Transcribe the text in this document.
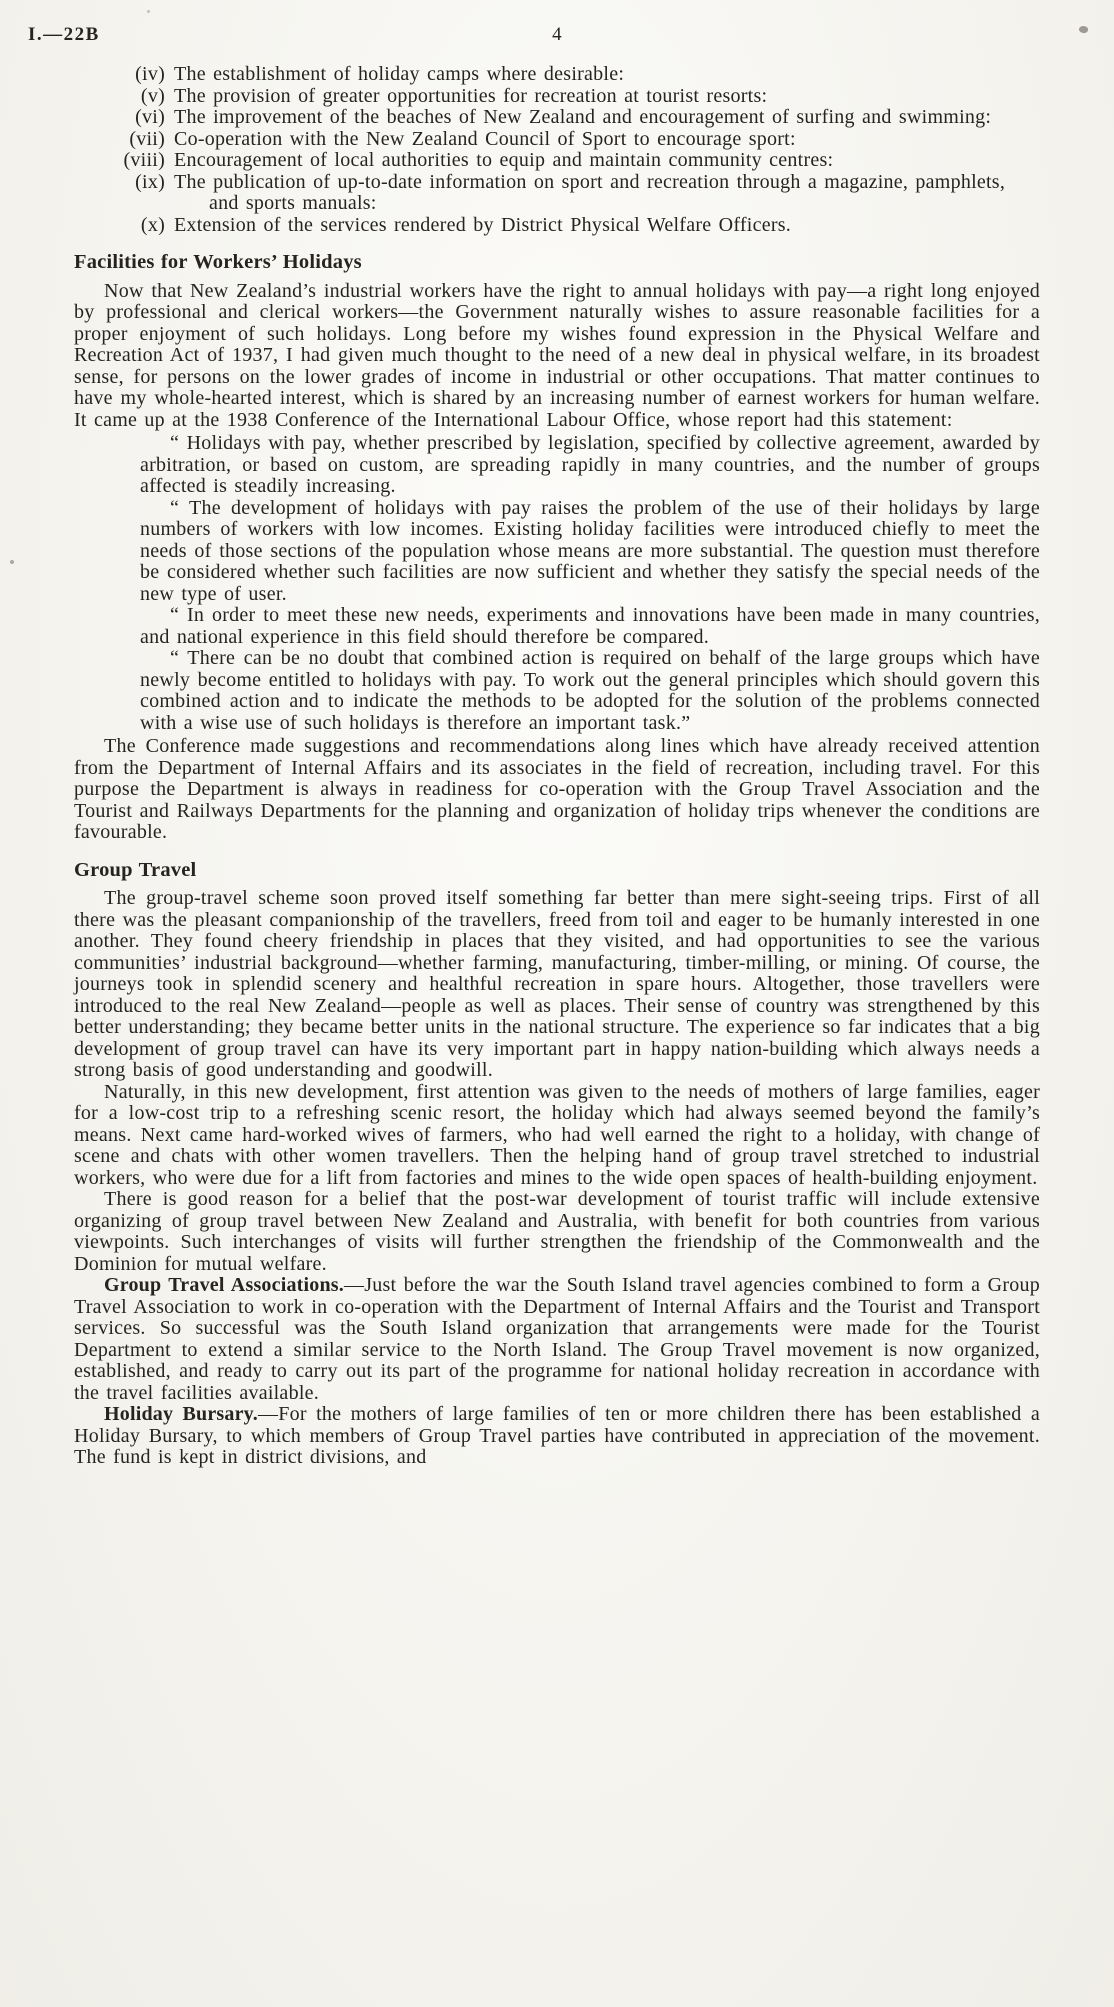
I.—22B	4
(iv) The establishment of holiday camps where desirable:
(v) The provision of greater opportunities for recreation at tourist resorts:
(vi) The improvement of the beaches of New Zealand and encouragement of surfing and swimming:
(vii) Co-operation with the New Zealand Council of Sport to encourage sport:
(viii) Encouragement of local authorities to equip and maintain community centres:
(ix) The publication of up-to-date information on sport and recreation through a magazine, pamphlets, and sports manuals:
(x) Extension of the services rendered by District Physical Welfare Officers.
Facilities for Workers’ Holidays

Now that New Zealand’s industrial workers have the right to annual holidays with pay—a right long enjoyed by professional and clerical workers—the Government naturally wishes to assure reasonable facilities for a proper enjoyment of such holidays. Long before my wishes found expression in the Physical Welfare and Recreation Act of 1937, I had given much thought to the need of a new deal in physical welfare, in its broadest sense, for persons on the lower grades of income in industrial or other occupations. That matter continues to have my whole-hearted interest, which is shared by an increasing number of earnest workers for human welfare. It came up at the 1938 Conference of the International Labour Office, whose report had this statement:

“ Holidays with pay, whether prescribed by legislation, specified by collective agreement, awarded by arbitration, or based on custom, are spreading rapidly in many countries, and the number of groups affected is steadily increasing.

“ The development of holidays with pay raises the problem of the use of their holidays by large numbers of workers with low incomes. Existing holiday facilities were introduced chiefly to meet the needs of those sections of the population whose means are more substantial. The question must therefore be considered whether such facilities are now sufficient and whether they satisfy the special needs of the new type of user.

“ In order to meet these new needs, experiments and innovations have been made in many countries, and national experience in this field should therefore be compared.

“ There can be no doubt that combined action is required on behalf of the large groups which have newly become entitled to holidays with pay. To work out the general principles which should govern this combined action and to indicate the methods to be adopted for the solution of the problems connected with a wise use of such holidays is therefore an important task.”

The Conference made suggestions and recommendations along lines which have already received attention from the Department of Internal Affairs and its associates in the field of recreation, including travel. For this purpose the Department is always in readiness for co-operation with the Group Travel Association and the Tourist and Railways Departments for the planning and organization of holiday trips whenever the conditions are favourable.

Group Travel

The group-travel scheme soon proved itself something far better than mere sight-seeing trips. First of all there was the pleasant companionship of the travellers, freed from toil and eager to be humanly interested in one another. They found cheery friendship in places that they visited, and had opportunities to see the various communities’ industrial background—whether farming, manufacturing, timber-milling, or mining. Of course, the journeys took in splendid scenery and healthful recreation in spare hours. Altogether, those travellers were introduced to the real New Zealand—people as well as places. Their sense of country was strengthened by this better understanding; they became better units in the national structure. The experience so far indicates that a big development of group travel can have its very important part in happy nation-building which always needs a strong basis of good understanding and goodwill.

Naturally, in this new development, first attention was given to the needs of mothers of large families, eager for a low-cost trip to a refreshing scenic resort, the holiday which had always seemed beyond the family’s means. Next came hard-worked wives of farmers, who had well earned the right to a holiday, with change of scene and chats with other women travellers. Then the helping hand of group travel stretched to industrial workers, who were due for a lift from factories and mines to the wide open spaces of health-building enjoyment.

There is good reason for a belief that the post-war development of tourist traffic will include extensive organizing of group travel between New Zealand and Australia, with benefit for both countries from various viewpoints. Such interchanges of visits will further strengthen the friendship of the Commonwealth and the Dominion for mutual welfare.

Group Travel Associations.—Just before the war the South Island travel agencies combined to form a Group Travel Association to work in co-operation with the Department of Internal Affairs and the Tourist and Transport services. So successful was the South Island organization that arrangements were made for the Tourist Department to extend a similar service to the North Island. The Group Travel movement is now organized, established, and ready to carry out its part of the programme for national holiday recreation in accordance with the travel facilities available.

Holiday Bursary.—For the mothers of large families of ten or more children there has been established a Holiday Bursary, to which members of Group Travel parties have contributed in appreciation of the movement. The fund is kept in district divisions, and
